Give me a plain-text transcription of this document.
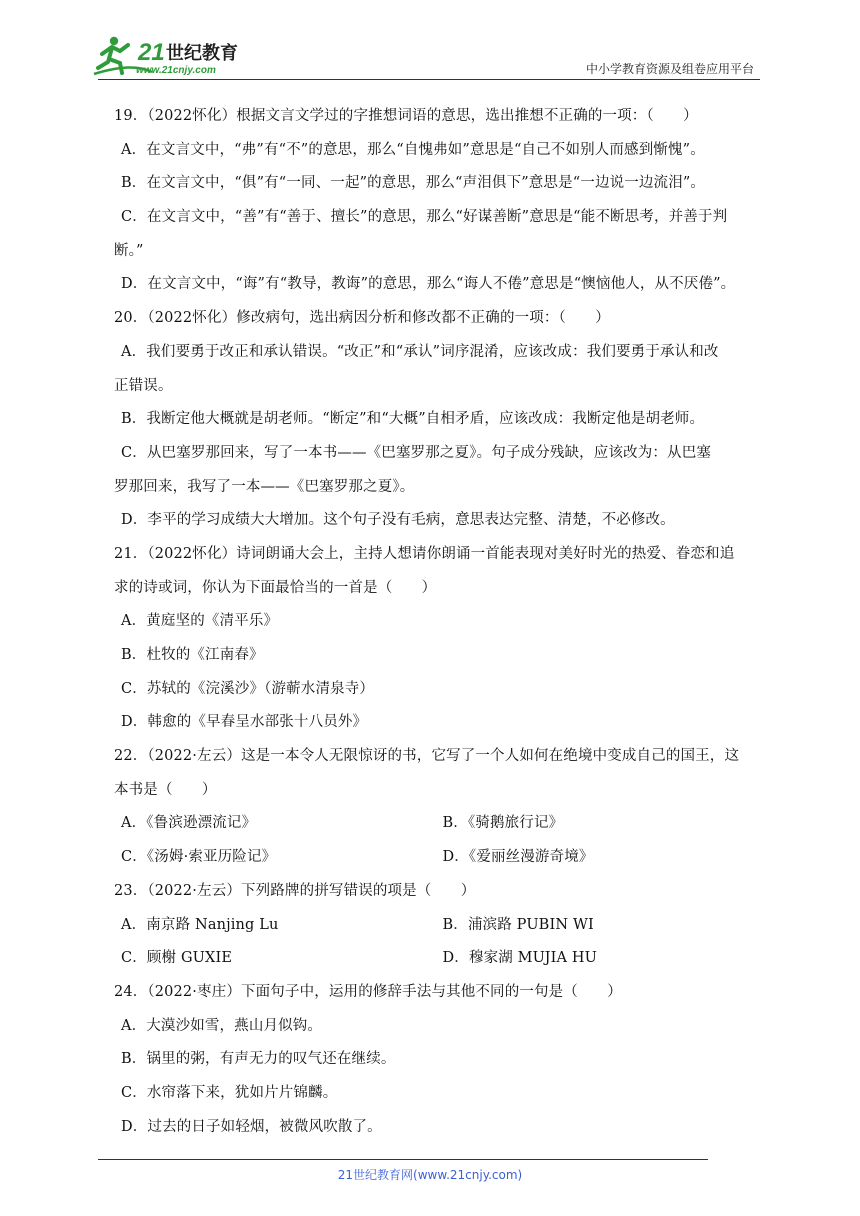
21 世纪教育
www.21cnjy.com	中小学教育资源及组卷应用平台
19．（2022怀化）根据文言文学过的字推想词语的意思，选出推想不正确的一项：（　　）
A．在文言文中，“弗”有“不”的意思，那么“自愧弗如”意思是“自己不如别人而感到惭愧”。
B．在文言文中，“俱”有“一同、一起”的意思，那么“声泪俱下”意思是“一边说一边流泪”。
C．在文言文中，“善”有“善于、擅长”的意思，那么“好谋善断”意思是“能不断思考，并善于判
断。”
D．在文言文中，“诲”有“教导，教诲”的意思，那么“诲人不倦”意思是“懊恼他人，从不厌倦”。
20．（2022怀化）修改病句，选出病因分析和修改都不正确的一项：（　　）
A．我们要勇于改正和承认错误。“改正”和“承认”词序混淆，应该改成：我们要勇于承认和改
正错误。
B．我断定他大概就是胡老师。“断定”和“大概”自相矛盾，应该改成：我断定他是胡老师。
C．从巴塞罗那回来，写了一本书——《巴塞罗那之夏》。句子成分残缺，应该改为：从巴塞
罗那回来，我写了一本——《巴塞罗那之夏》。
D．李平的学习成绩大大增加。这个句子没有毛病，意思表达完整、清楚，不必修改。
21．（2022怀化）诗词朗诵大会上，主持人想请你朗诵一首能表现对美好时光的热爱、眷恋和追
求的诗或词，你认为下面最恰当的一首是（　　）
A．黄庭坚的《清平乐》
B．杜牧的《江南春》
C．苏轼的《浣溪沙》（游蕲水清泉寺）
D．韩愈的《早春呈水部张十八员外》
22．（2022·左云）这是一本令人无限惊讶的书，它写了一个人如何在绝境中变成自己的国王，这
本书是（　　）
A．《鲁滨逊漂流记》	B．《骑鹅旅行记》
C．《汤姆·索亚历险记》	D．《爱丽丝漫游奇境》
23．（2022·左云）下列路牌的拼写错误的项是（　　）
A．南京路 Nanjing Lu	B．浦滨路 PUBIN WI
C．顾榭 GUXIE	D．穆家湖 MUJIA HU
24．（2022·枣庄）下面句子中，运用的修辞手法与其他不同的一句是（　　）
A．大漠沙如雪，燕山月似钩。
B．锅里的粥，有声无力的叹气还在继续。
C．水帘落下来，犹如片片锦麟。
D．过去的日子如轻烟，被微风吹散了。
21世纪教育网(www.21cnjy.com)
